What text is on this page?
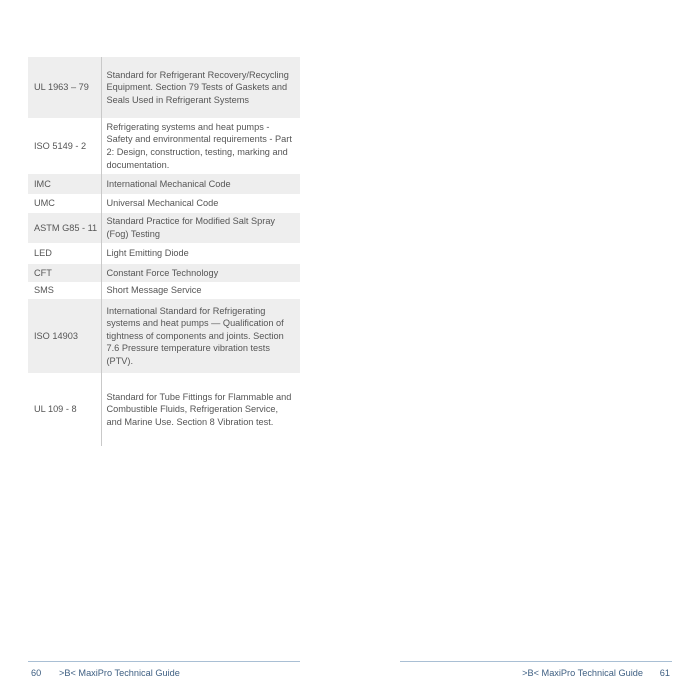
UL 1963 – 79	Standard for Refrigerant Recovery/Recycling Equipment. Section 79 Tests of Gaskets and Seals Used in Refrigerant Systems
ISO 5149 - 2	Refrigerating systems and heat pumps - Safety and environmental requirements - Part 2: Design, construction, testing, marking and documentation.
IMC	International Mechanical Code
UMC	Universal Mechanical Code
ASTM G85 - 11	Standard Practice for Modified Salt Spray (Fog) Testing
LED	Light Emitting Diode
CFT	Constant Force Technology
SMS	Short Message Service
ISO 14903	International Standard for Refrigerating systems and heat pumps — Qualification of tightness of components and joints. Section 7.6 Pressure temperature vibration tests (PTV).
UL 109 - 8	Standard for Tube Fittings for Flammable and Combustible Fluids, Refrigeration Service, and Marine Use. Section 8 Vibration test.
60 >B< MaxiPro Technical Guide	>B< MaxiPro Technical Guide 61
